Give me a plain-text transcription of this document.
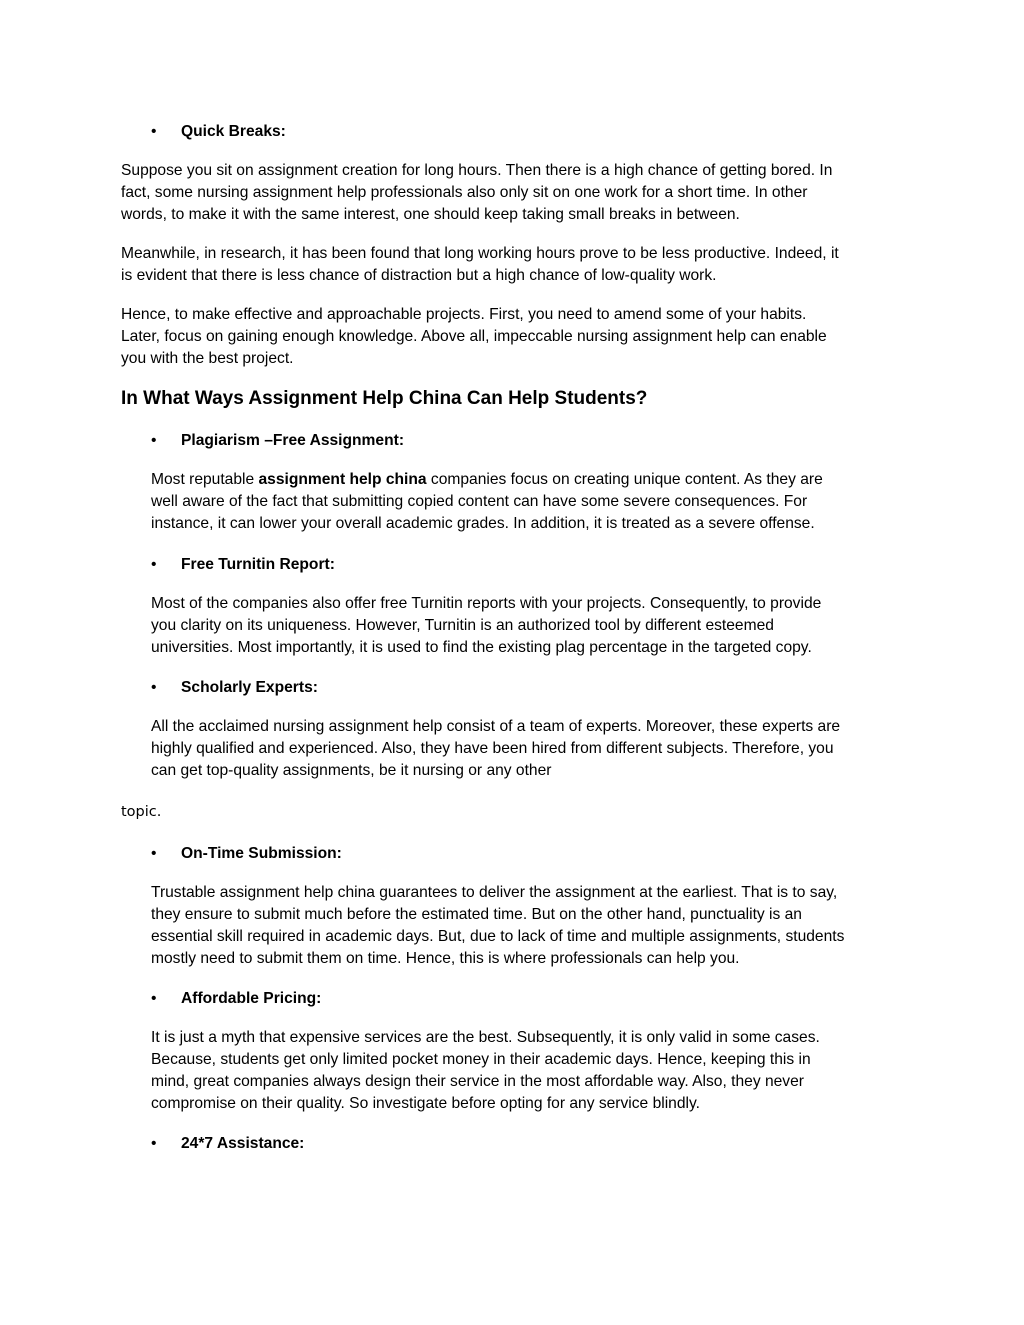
• Quick Breaks:
Suppose you sit on assignment creation for long hours. Then there is a high chance of getting bored. In
fact, some nursing assignment help professionals also only sit on one work for a short time. In other
words, to make it with the same interest, one should keep taking small breaks in between.
Meanwhile, in research, it has been found that long working hours prove to be less productive. Indeed, it
is evident that there is less chance of distraction but a high chance of low-quality work.
Hence, to make effective and approachable projects. First, you need to amend some of your habits.
Later, focus on gaining enough knowledge. Above all, impeccable nursing assignment help can enable
you with the best project.
In What Ways Assignment Help China Can Help Students?
• Plagiarism –Free Assignment:
Most reputable assignment help china companies focus on creating unique content. As they are
well aware of the fact that submitting copied content can have some severe consequences. For
instance, it can lower your overall academic grades. In addition, it is treated as a severe offense.
• Free Turnitin Report:
Most of the companies also offer free Turnitin reports with your projects. Consequently, to provide
you clarity on its uniqueness. However, Turnitin is an authorized tool by different esteemed
universities. Most importantly, it is used to find the existing plag percentage in the targeted copy.
• Scholarly Experts:
All the acclaimed nursing assignment help consist of a team of experts. Moreover, these experts are
highly qualified and experienced. Also, they have been hired from different subjects. Therefore, you
can get top-quality assignments, be it nursing or any other
topic.
• On-Time Submission:
Trustable assignment help china guarantees to deliver the assignment at the earliest. That is to say,
they ensure to submit much before the estimated time. But on the other hand, punctuality is an
essential skill required in academic days. But, due to lack of time and multiple assignments, students
mostly need to submit them on time. Hence, this is where professionals can help you.
• Affordable Pricing:
It is just a myth that expensive services are the best. Subsequently, it is only valid in some cases.
Because, students get only limited pocket money in their academic days. Hence, keeping this in
mind, great companies always design their service in the most affordable way. Also, they never
compromise on their quality. So investigate before opting for any service blindly.
• 24*7 Assistance:
